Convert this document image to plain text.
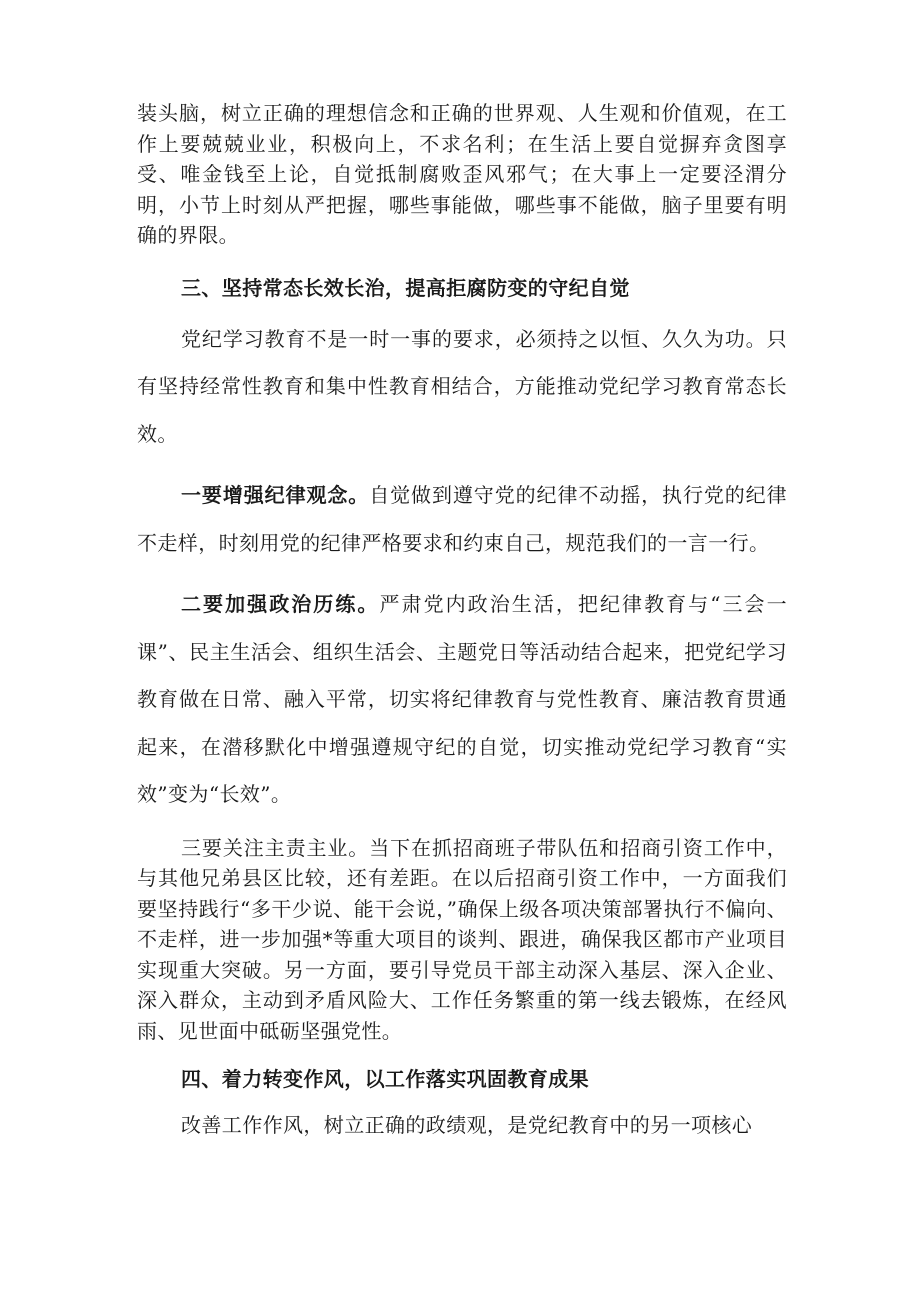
装头脑，树立正确的理想信念和正确的世界观、人生观和价值观，在工作上要兢兢业业，积极向上，不求名利；在生活上要自觉摒弃贪图享受、唯金钱至上论，自觉抵制腐败歪风邪气；在大事上一定要泾渭分明，小节上时刻从严把握，哪些事能做，哪些事不能做，脑子里要有明确的界限。

三、坚持常态长效长治，提高拒腐防变的守纪自觉

党纪学习教育不是一时一事的要求，必须持之以恒、久久为功。只有坚持经常性教育和集中性教育相结合，方能推动党纪学习教育常态长效。

一要增强纪律观念。自觉做到遵守党的纪律不动摇，执行党的纪律不走样，时刻用党的纪律严格要求和约束自己，规范我们的一言一行。

二要加强政治历练。严肃党内政治生活，把纪律教育与“三会一课”、民主生活会、组织生活会、主题党日等活动结合起来，把党纪学习教育做在日常、融入平常，切实将纪律教育与党性教育、廉洁教育贯通起来，在潜移默化中增强遵规守纪的自觉，切实推动党纪学习教育“实效”变为“长效”。

三要关注主责主业。当下在抓招商班子带队伍和招商引资工作中，与其他兄弟县区比较，还有差距。在以后招商引资工作中，一方面我们要坚持践行“多干少说、能干会说，”确保上级各项决策部署执行不偏向、不走样，进一步加强*等重大项目的谈判、跟进，确保我区都市产业项目实现重大突破。另一方面，要引导党员干部主动深入基层、深入企业、深入群众，主动到矛盾风险大、工作任务繁重的第一线去锻炼，在经风雨、见世面中砥砺坚强党性。

四、着力转变作风，以工作落实巩固教育成果

改善工作作风，树立正确的政绩观，是党纪教育中的另一项核心
